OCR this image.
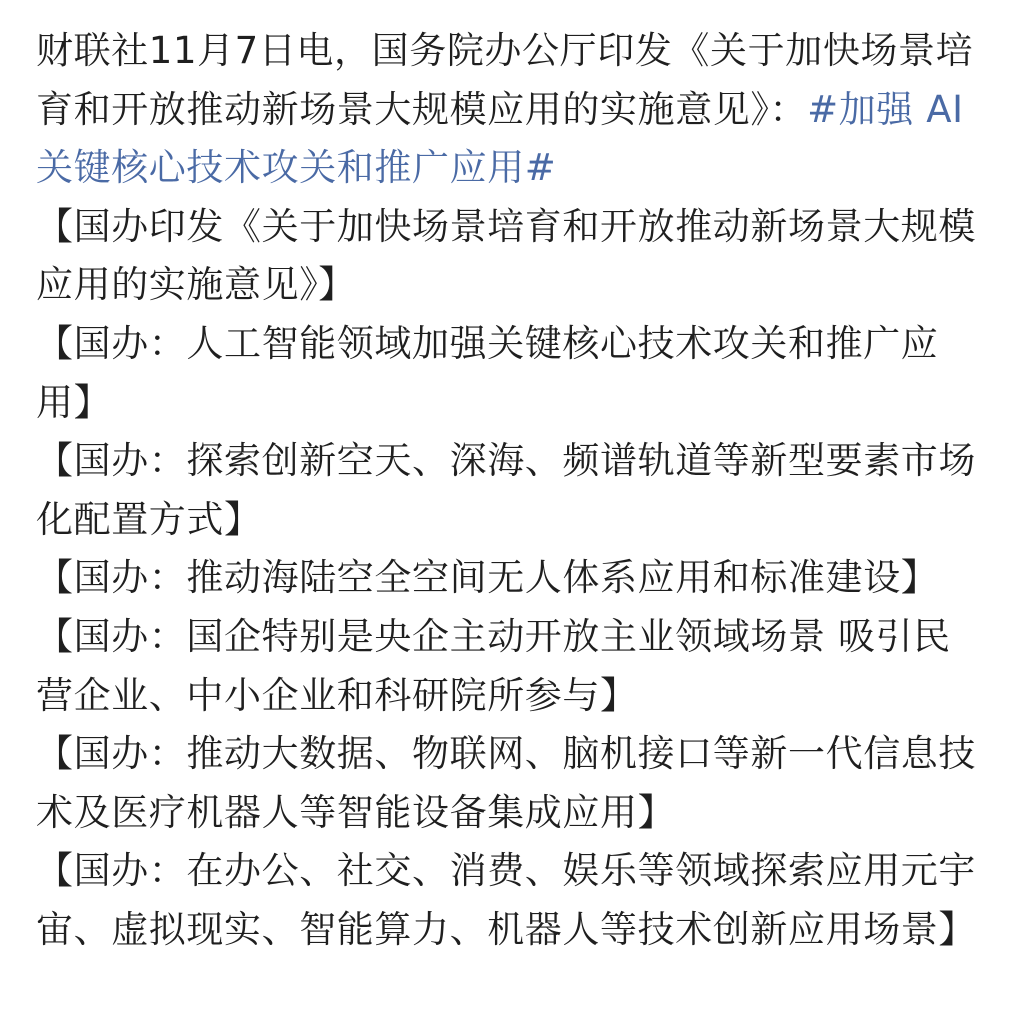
财联社11月7日电，国务院办公厅印发《关于加快场景培育和开放推动新场景大规模应用的实施意见》：#加强 AI关键核心技术攻关和推广应用#
【国办印发《关于加快场景培育和开放推动新场景大规模应用的实施意见》】
【国办：人工智能领域加强关键核心技术攻关和推广应用】
【国办：探索创新空天、深海、频谱轨道等新型要素市场化配置方式】
【国办：推动海陆空全空间无人体系应用和标准建设】
【国办：国企特别是央企主动开放主业领域场景 吸引民营企业、中小企业和科研院所参与】
【国办：推动大数据、物联网、脑机接口等新一代信息技术及医疗机器人等智能设备集成应用】
【国办：在办公、社交、消费、娱乐等领域探索应用元宇宙、虚拟现实、智能算力、机器人等技术创新应用场景】
